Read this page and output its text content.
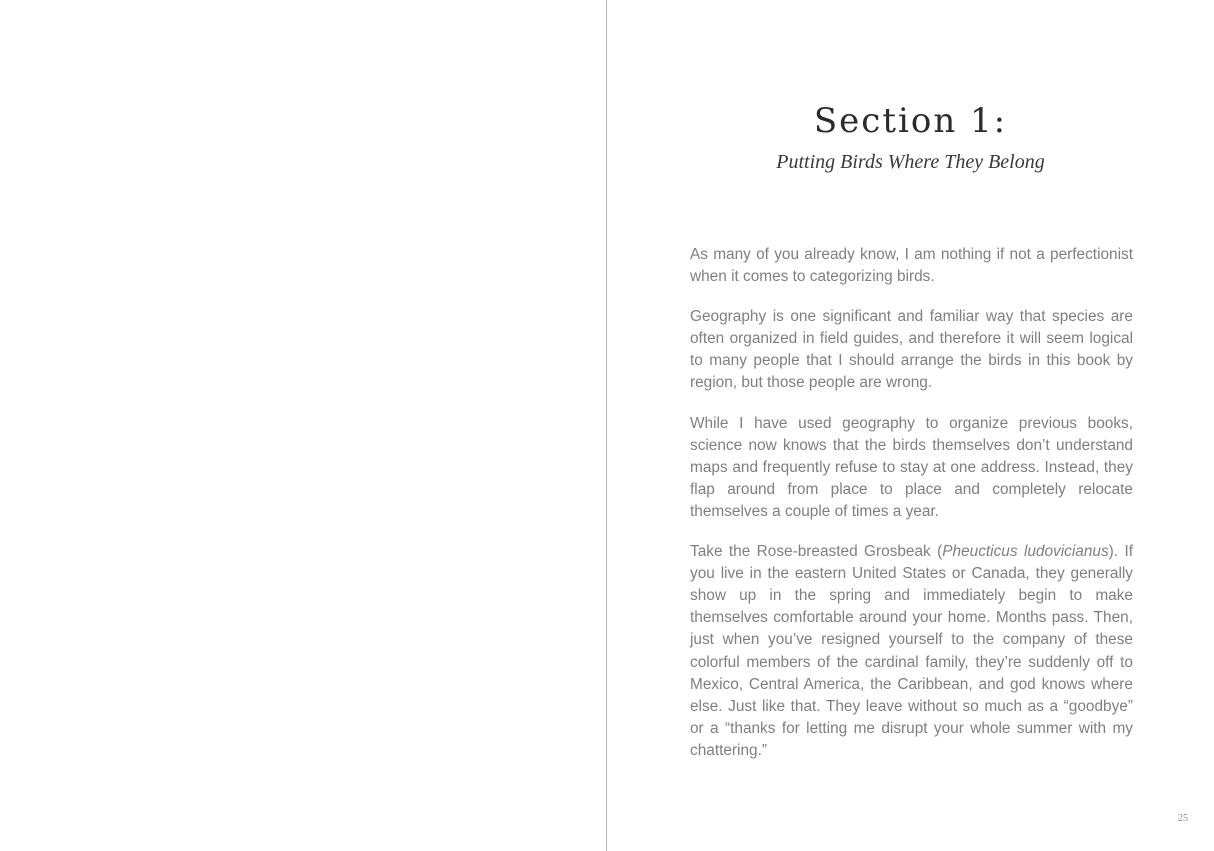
Section 1:
Putting Birds Where They Belong

As many of you already know, I am nothing if not a perfectionist when it comes to categorizing birds.

Geography is one significant and familiar way that species are often organized in field guides, and therefore it will seem logical to many people that I should arrange the birds in this book by region, but those people are wrong.

While I have used geography to organize previous books, science now knows that the birds themselves don’t understand maps and frequently refuse to stay at one address. Instead, they flap around from place to place and completely relocate themselves a couple of times a year.

Take the Rose-breasted Grosbeak (Pheucticus ludovicianus). If you live in the eastern United States or Canada, they generally show up in the spring and immediately begin to make themselves comfortable around your home. Months pass. Then, just when you’ve resigned yourself to the company of these colorful members of the cardinal family, they’re suddenly off to Mexico, Central America, the Caribbean, and god knows where else. Just like that. They leave without so much as a “goodbye” or a “thanks for letting me disrupt your whole summer with my chattering.”

25
